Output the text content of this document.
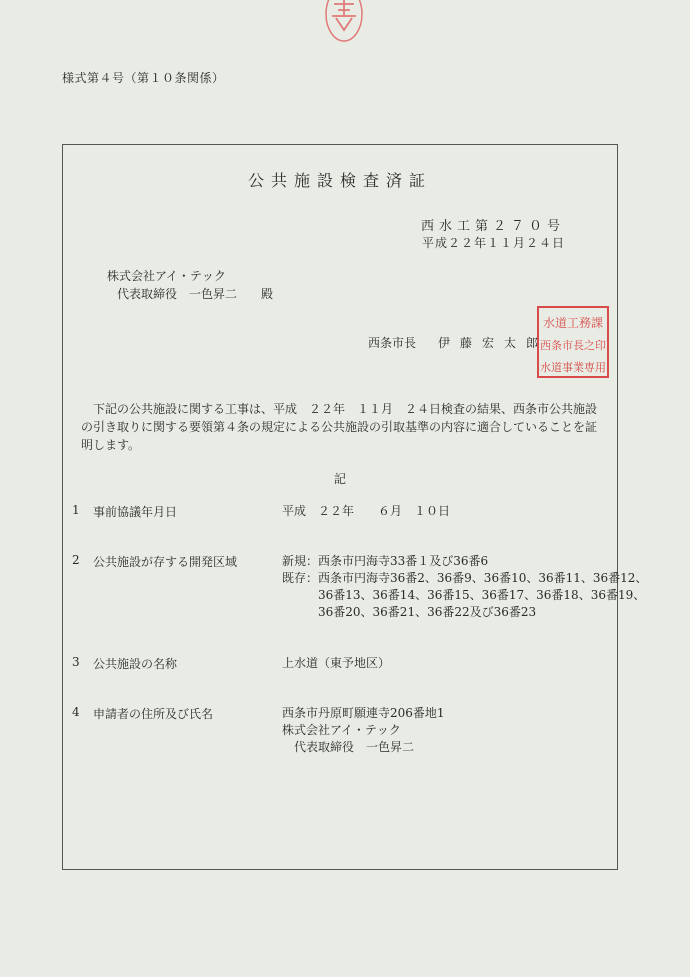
様式第４号（第１０条関係）
公共施設検査済証
西水工第２７０号
平成２２年１１月２４日
株式会社アイ・テック
代表取締役　一色昇二　　殿
西条市長 伊藤宏太郎
水道工務課
西条市長之印
水道事業専用
下記の公共施設に関する工事は、平成　２２年　１１月　２４日検査の結果、西条市公共施設の引き取りに関する要領第４条の規定による公共施設の引取基準の内容に適合していることを証明します。
記
1 事前協議年月日	平成　２２年　　６月　１０日
2 公共施設が存する開発区域	新規：西条市円海寺33番１及び36番6
既存：西条市円海寺36番2、36番9、36番10、36番11、36番12、
　　　36番13、36番14、36番15、36番17、36番18、36番19、
　　　36番20、36番21、36番22及び36番23
3 公共施設の名称	上水道（東予地区）
4 申請者の住所及び氏名	西条市丹原町願連寺206番地1
株式会社アイ・テック
　代表取締役　一色昇二
